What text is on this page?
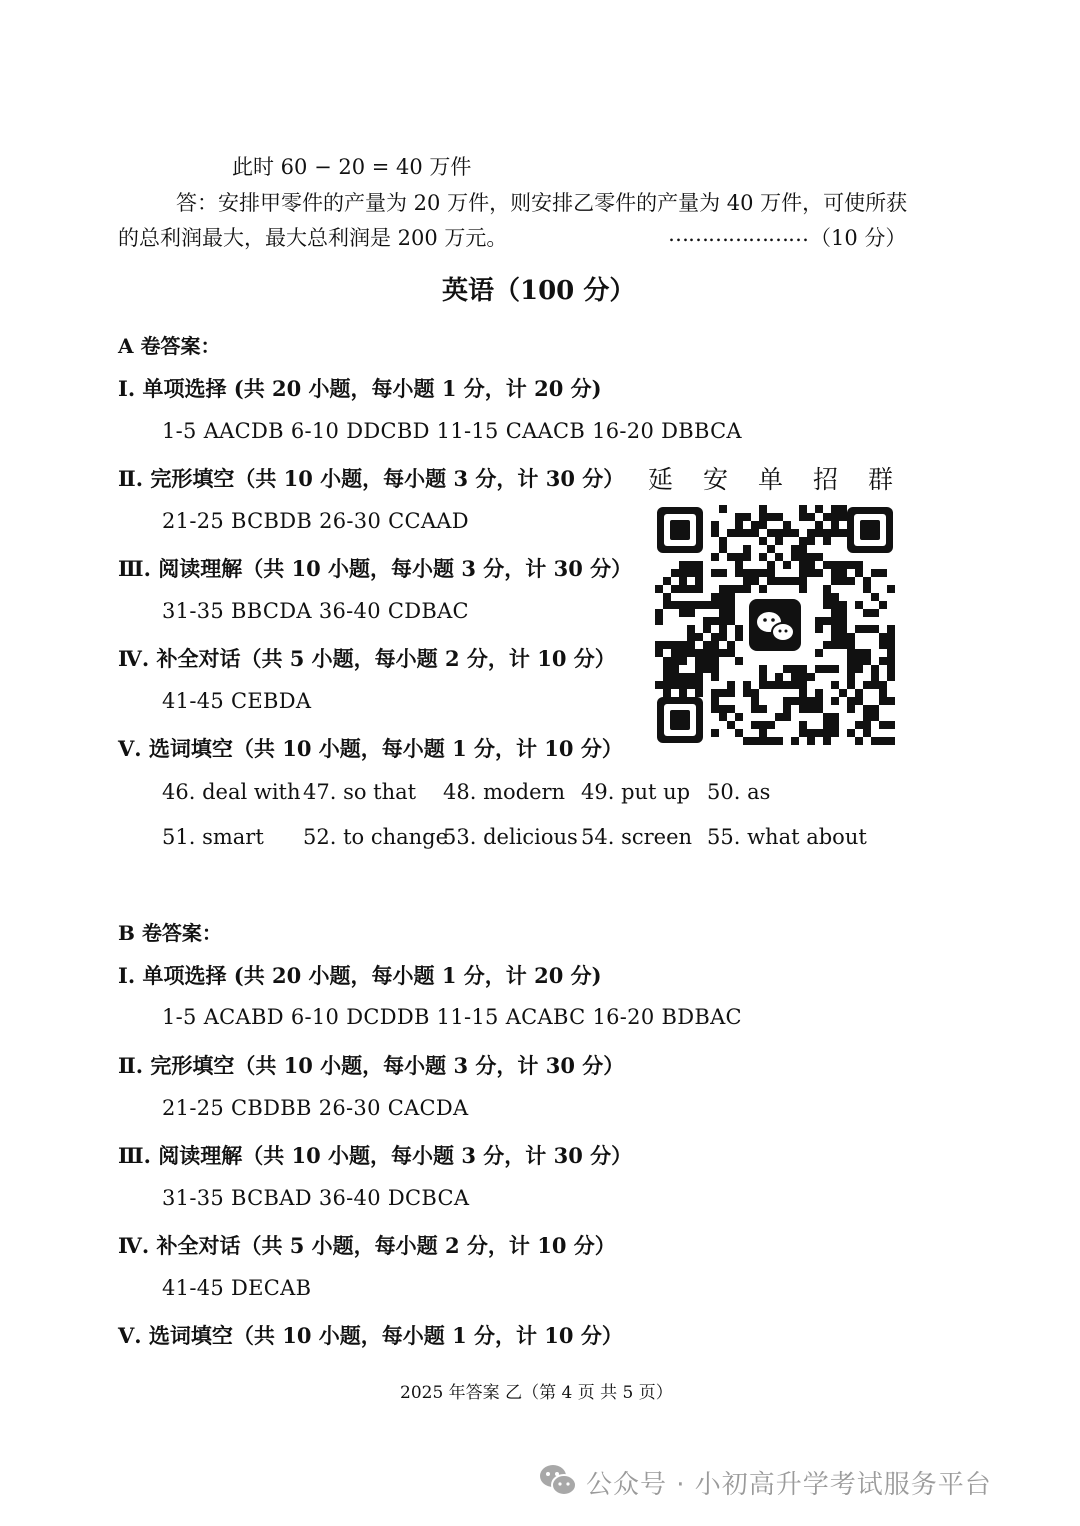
此时 60 − 20 = 40 万件
答：安排甲零件的产量为 20 万件，则安排乙零件的产量为 40 万件，可使所获
的总利润最大，最大总利润是 200 万元。	………………… （10 分）
英语（100 分）
A 卷答案：
Ⅰ. 单项选择 (共 20 小题，每小题 1 分，计 20 分)
1-5 AACDB 6-10 DDCBD 11-15 CAACB 16-20 DBBCA
Ⅱ. 完形填空（共 10 小题，每小题 3 分，计 30 分）
21-25 BCBDB 26-30 CCAAD
Ⅲ. 阅读理解（共 10 小题，每小题 3 分，计 30 分）
31-35 BBCDA 36-40 CDBAC
Ⅳ. 补全对话（共 5 小题，每小题 2 分，计 10 分）
41-45 CEBDA
Ⅴ. 选词填空（共 10 小题，每小题 1 分，计 10 分）
46. deal with 47. so that 48. modern 49. put up 50. as
51. smart 52. to change
53. delicious 54. screen 55. what about
延安单招群
B 卷答案：
Ⅰ. 单项选择 (共 20 小题，每小题 1 分，计 20 分)
1-5 ACABD 6-10 DCDDB 11-15 ACABC 16-20 BDBAC
Ⅱ. 完形填空（共 10 小题，每小题 3 分，计 30 分）
21-25 CBDBB 26-30 CACDA
Ⅲ. 阅读理解（共 10 小题，每小题 3 分，计 30 分）
31-35 BCBAD 36-40 DCBCA
Ⅳ. 补全对话（共 5 小题，每小题 2 分，计 10 分）
41-45 DECAB
Ⅴ. 选词填空（共 10 小题，每小题 1 分，计 10 分）
2025 年答案 乙（第 4 页 共 5 页）
公众号 · 小初高升学考试服务平台
